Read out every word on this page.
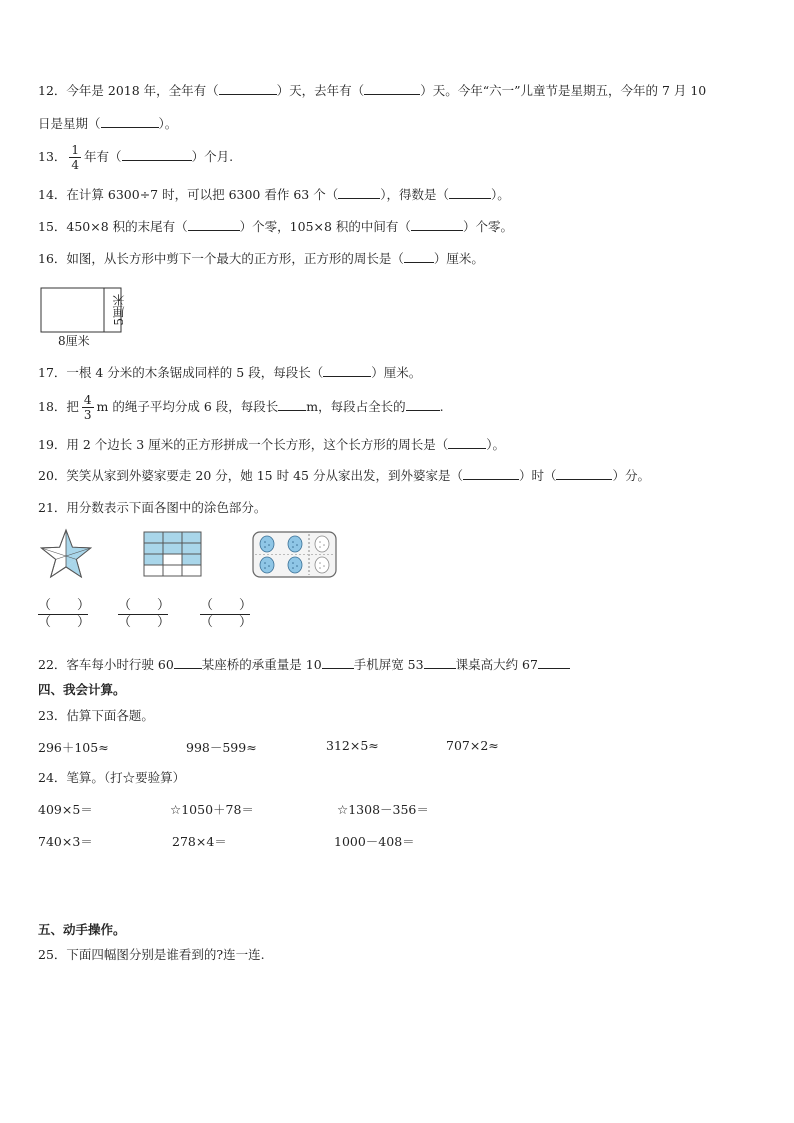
12．今年是 2018 年，全年有（	）天，去年有（	）天。今年“六一”儿童节是星期五，今年的 7 月 10
日是星期（	）。
13． $\frac{1}{4}$ 年有（	）个月.
14．在计算 6300÷7 时，可以把 6300 看作 63 个（	），得数是（	）。
15．450×8 积的末尾有（	）个零，105×8 积的中间有（	）个零。
16．如图，从长方形中剪下一个最大的正方形，正方形的周长是（ ）厘米。
8厘米
5厘米
17．一根 4 分米的木条锯成同样的 5 段，每段长（	）厘米。
18．把 $\frac{4}{3}$ m 的绳子平均分成 6 段，每段长 m，每段占全长的	.
19．用 2 个边长 3 厘米的正方形拼成一个长方形，这个长方形的周长是（	）。
20．笑笑从家到外婆家要走 20 分，她 15 时 45 分从家出发，到外婆家是（	）时（	）分。
21．用分数表示下面各图中的涂色部分。
（　　）
（　　）
（　　）
（　　）
（　　）
（　　）
22．客车每小时行驶 60 某座桥的承重量是 10	手机屏宽 53	课桌高大约 67
四、我会计算。
23．估算下面各题。
296＋105≈	998－599≈	312×5≈	707×2≈
24．笔算。（打☆要验算）
409×5＝	☆1050＋78＝	☆1308－356＝
740×3＝	278×4＝	1000－408＝
五、动手操作。
25．下面四幅图分别是谁看到的?连一连.
